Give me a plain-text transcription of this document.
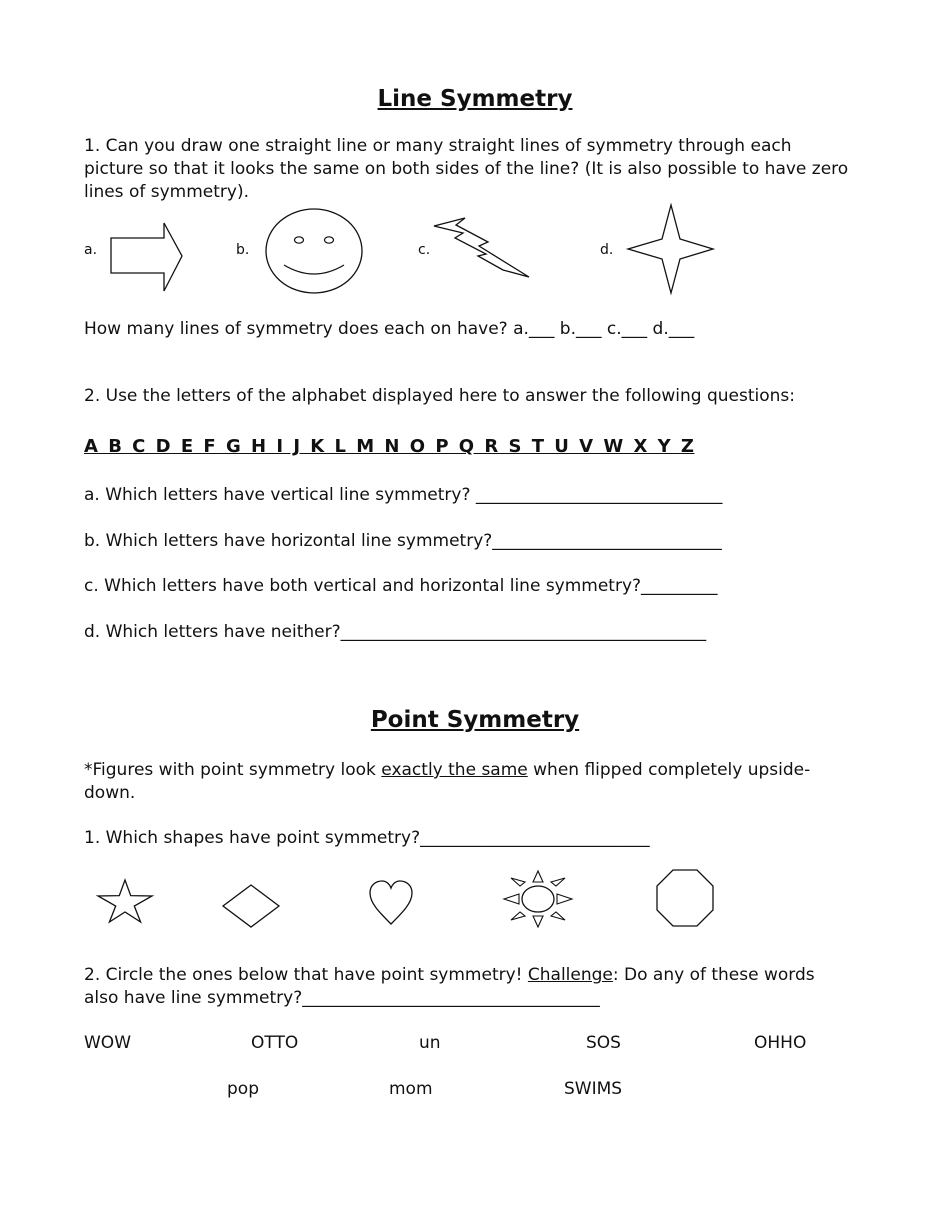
Line Symmetry
1. Can you draw one straight line or many straight lines of symmetry through each picture so that it looks the same on both sides of the line? (It is also possible to have zero lines of symmetry).
a.	b.	c.	d.
How many lines of symmetry does each on have? a.___ b.___ c.___ d.___
2. Use the letters of the alphabet displayed here to answer the following questions:
A B C D E F G H I J K L M N O P Q R S T U V W X Y Z
a. Which letters have vertical line symmetry? _____________________________
b. Which letters have horizontal line symmetry?___________________________
c. Which letters have both vertical and horizontal line symmetry?_________
d. Which letters have neither?___________________________________________
Point Symmetry
*Figures with point symmetry look exactly the same when flipped completely upside-down.
1. Which shapes have point symmetry?___________________________
2. Circle the ones below that have point symmetry! Challenge: Do any of these words also have line symmetry?___________________________________
WOW	OTTO	un	SOS	OHHO
pop	mom	SWIMS
